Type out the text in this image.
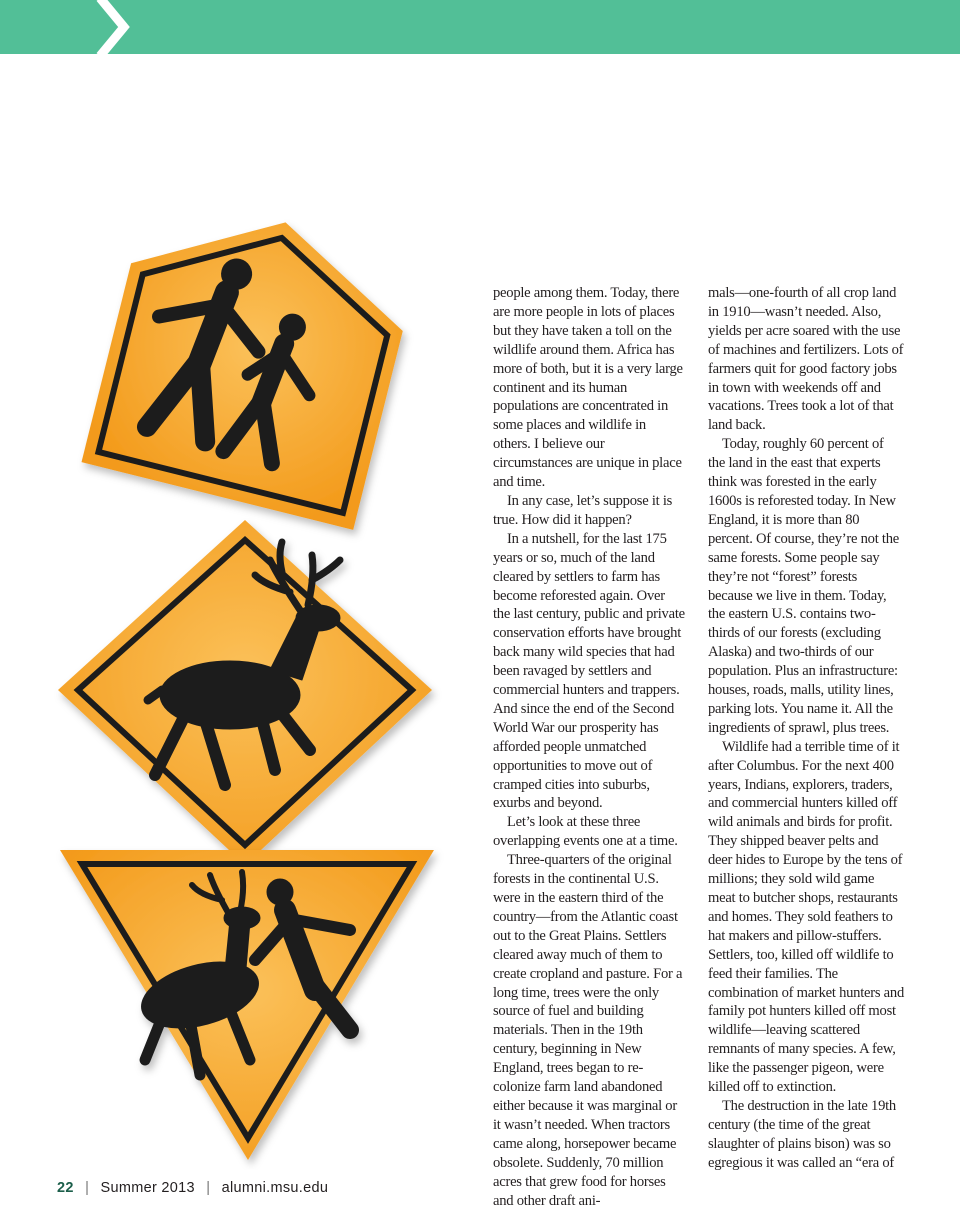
people among them. Today, there are more people in lots of places but they have taken a toll on the wildlife around them. Africa has more of both, but it is a very large continent and its human populations are concentrated in some places and wildlife in others. I believe our circumstances are unique in place and time.

In any case, let’s suppose it is true. How did it happen?

In a nutshell, for the last 175 years or so, much of the land cleared by settlers to farm has become reforested again. Over the last century, public and private conservation efforts have brought back many wild species that had been ravaged by settlers and commercial hunters and trappers. And since the end of the Second World War our prosperity has afforded people unmatched opportunities to move out of cramped cities into suburbs, exurbs and beyond.

Let’s look at these three overlapping events one at a time.

Three-quarters of the original forests in the continental U.S. were in the eastern third of the country—from the Atlantic coast out to the Great Plains. Settlers cleared away much of them to create cropland and pasture. For a long time, trees were the only source of fuel and building materials. Then in the 19th century, beginning in New England, trees began to re-colonize farm land abandoned either because it was marginal or it wasn’t needed. When tractors came along, horsepower became obsolete. Suddenly, 70 million acres that grew food for horses and other draft ani-

mals—one-fourth of all crop land in 1910—wasn’t needed. Also, yields per acre soared with the use of machines and fertilizers. Lots of farmers quit for good factory jobs in town with weekends off and vacations. Trees took a lot of that land back.

Today, roughly 60 percent of the land in the east that experts think was forested in the early 1600s is reforested today. In New England, it is more than 80 percent. Of course, they’re not the same forests. Some people say they’re not “forest” forests because we live in them. Today, the eastern U.S. contains two-thirds of our forests (excluding Alaska) and two-thirds of our population. Plus an infrastructure: houses, roads, malls, utility lines, parking lots. You name it. All the ingredients of sprawl, plus trees.

Wildlife had a terrible time of it after Columbus. For the next 400 years, Indians, explorers, traders, and commercial hunters killed off wild animals and birds for profit. They shipped beaver pelts and deer hides to Europe by the tens of millions; they sold wild game meat to butcher shops, restaurants and homes. They sold feathers to hat makers and pillow-stuffers. Settlers, too, killed off wildlife to feed their families. The combination of market hunters and family pot hunters killed off most wildlife—leaving scattered remnants of many species. A few, like the passenger pigeon, were killed off to extinction.

The destruction in the late 19th century (the time of the great slaughter of plains bison) was so egregious it was called an “era of

22 | Summer 2013 | alumni.msu.edu
